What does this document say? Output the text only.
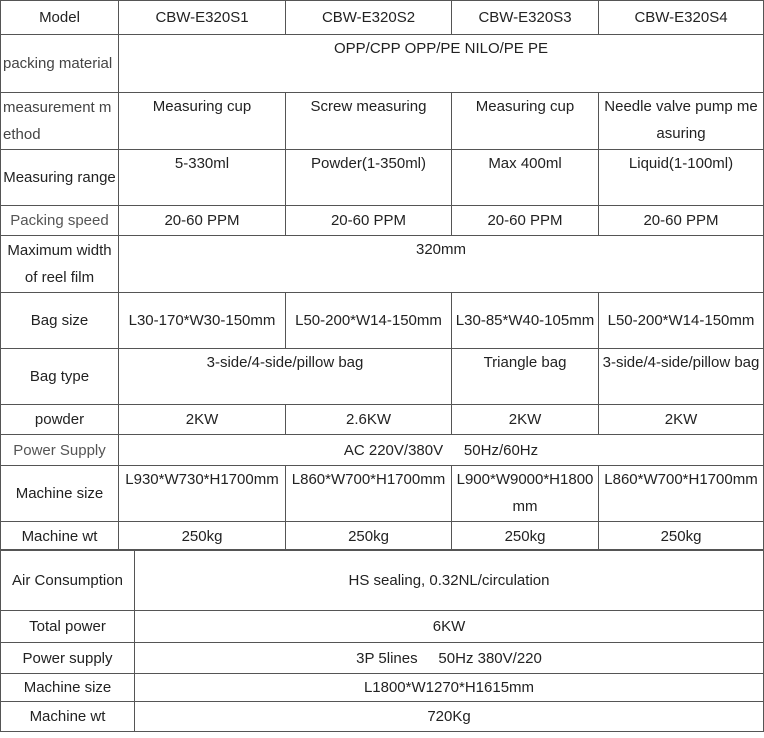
Model	CBW-E320S1	CBW-E320S2	CBW-E320S3	CBW-E320S4
packing material	OPP/CPP OPP/PE NILO/PE PE			
measurement method	Measuring cup	Screw measuring	Measuring cup	Needle valve pump measuring
Measuring range	5-330ml	Powder(1-350ml)	Max 400ml	Liquid(1-100ml)
Packing speed	20-60 PPM	20-60 PPM	20-60 PPM	20-60 PPM
Maximum width of reel film	320mm			
Bag size	L30-170*W30-150mm	L50-200*W14-150mm	L30-85*W40-105mm	L50-200*W14-150mm
Bag type	3-side/4-side/pillow bag		Triangle bag	3-side/4-side/pillow bag
powder	2KW	2.6KW	2KW	2KW
Power Supply	AC 220V/380V     50Hz/60Hz			
Machine size	L930*W730*H1700mm	L860*W700*H1700mm	L900*W9000*H1800mm	L860*W700*H1700mm
Machine wt	250kg	250kg	250kg	250kg
Air Consumption	HS sealing, 0.32NL/circulation
Total power	6KW
Power supply	3P 5lines     50Hz 380V/220
Machine size	L1800*W1270*H1615mm
Machine wt	720Kg
